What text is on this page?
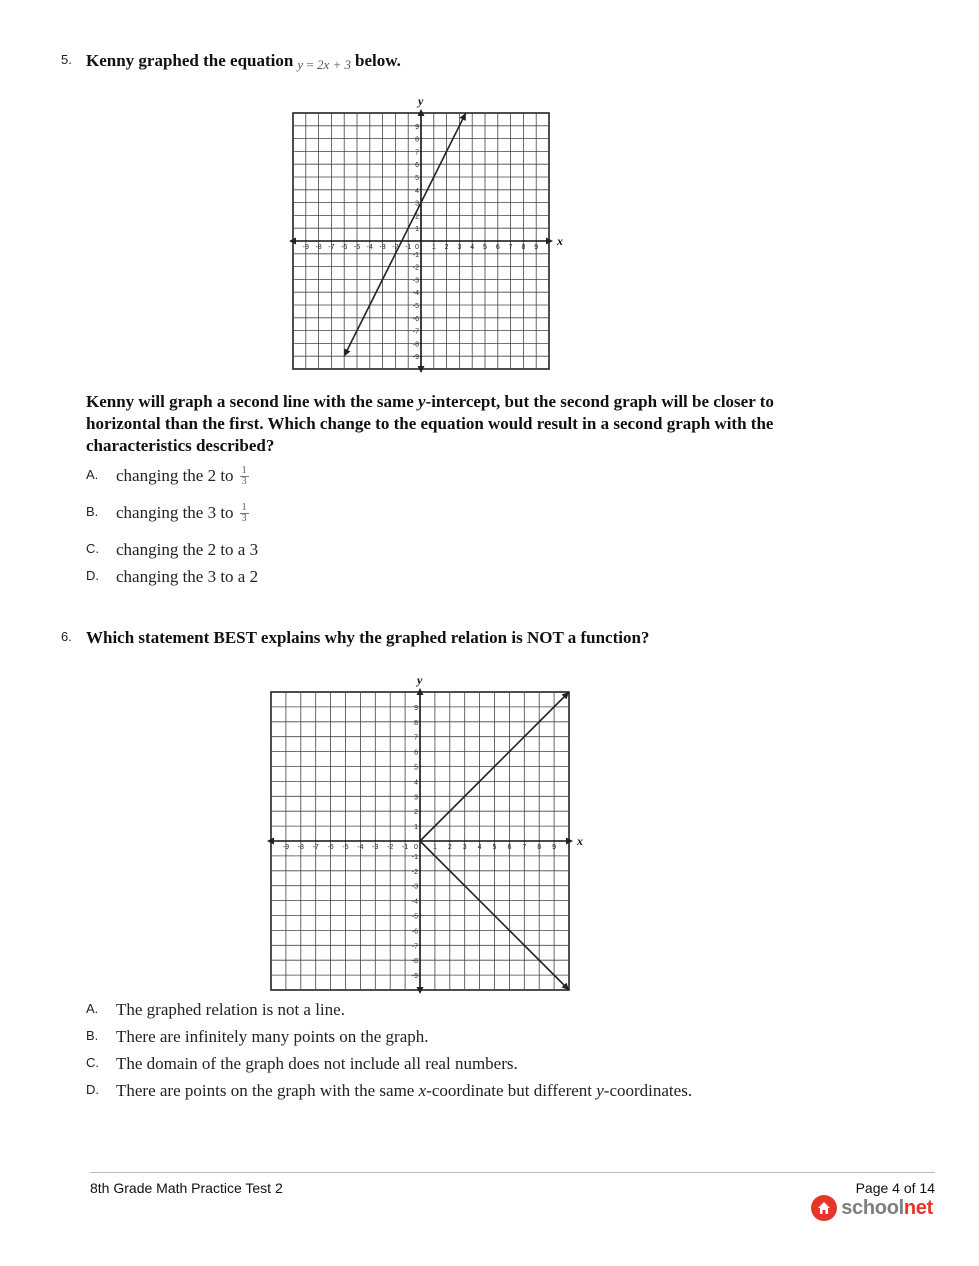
5. Kenny graphed the equation y = 2x + 3 below.
x
y
-9 -8 -7 -6 -5 -4 -3 -2 -1 0 1 2 3 4 5 6 7 8 9
9
8
7
6
5
4
3
2
1
-1
-2
-3
-4
-5
-6
-7
-8
-9
Kenny will graph a second line with the same y-intercept, but the second graph will be closer to horizontal than the first. Which change to the equation would result in a second graph with the characteristics described?
A. changing the 2 to $\frac{1}{3}$
B. changing the 3 to $\frac{1}{3}$
C. changing the 2 to a 3
D. changing the 3 to a 2
6. Which statement BEST explains why the graphed relation is NOT a function?
x
y
-9 -8 -7 -6 -5 -4 -3 -2 -1 0 1 2 3 4 5 6 7 8 9
9
8
7
6
5
4
3
2
1
-1
-2
-3
-4
-5
-6
-7
-8
-9
A. The graphed relation is not a line.
B. There are infinitely many points on the graph.
C. The domain of the graph does not include all real numbers.
D. There are points on the graph with the same x-coordinate but different y-coordinates.
8th Grade Math Practice Test 2	Page 4 of 14
schoolnet
